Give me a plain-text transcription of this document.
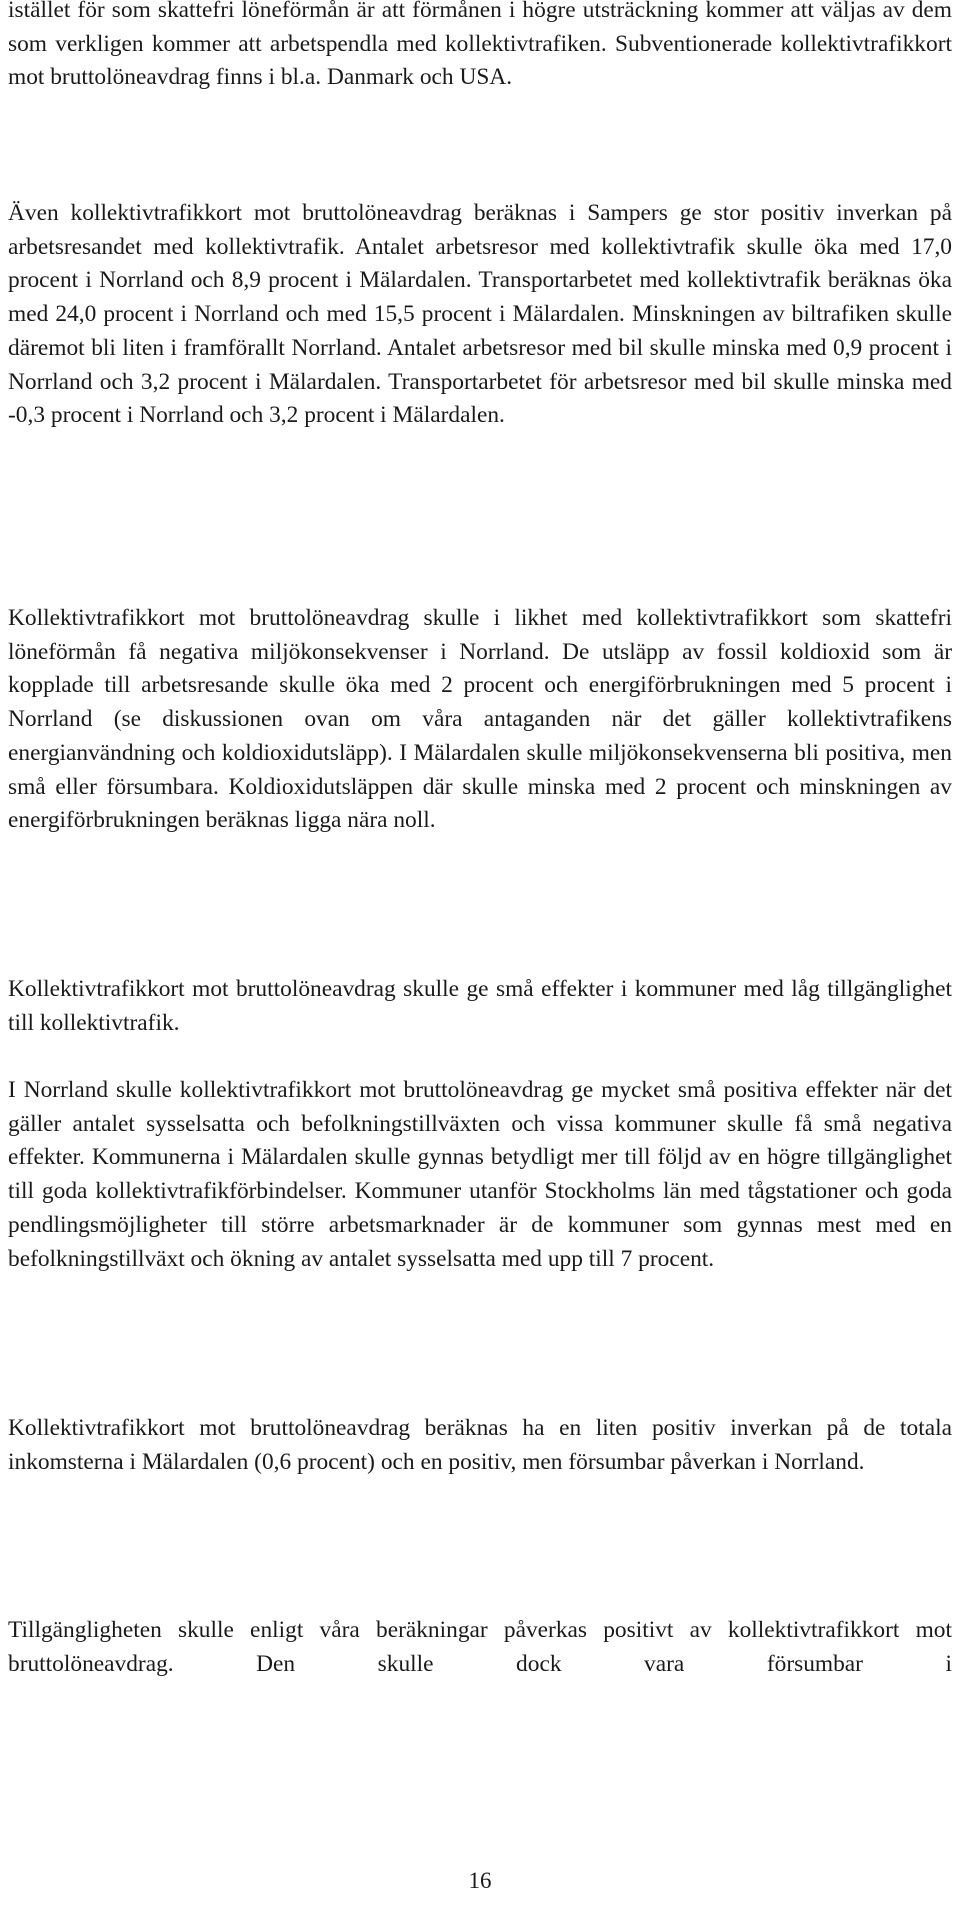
istället för som skattefri löneförmån är att förmånen i högre utsträckning kommer att väljas av dem som verkligen kommer att arbetspendla med kollektivtrafiken. Subventionerade kollektivtrafikkort mot bruttolöneavdrag finns i bl.a. Danmark och USA.

Även kollektivtrafikkort mot bruttolöneavdrag beräknas i Sampers ge stor positiv inverkan på arbetsresandet med kollektivtrafik. Antalet arbetsresor med kollektivtrafik skulle öka med 17,0 procent i Norrland och 8,9 procent i Mälardalen. Transportarbetet med kollektivtrafik beräknas öka med 24,0 procent i Norrland och med 15,5 procent i Mälardalen. Minskningen av biltrafiken skulle däremot bli liten i framförallt Norrland. Antalet arbetsresor med bil skulle minska med 0,9 procent i Norrland och 3,2 procent i Mälardalen. Transportarbetet för arbetsresor med bil skulle minska med -0,3 procent i Norrland och 3,2 procent i Mälardalen.

Kollektivtrafikkort mot bruttolöneavdrag skulle i likhet med kollektivtrafikkort som skattefri löneförmån få negativa miljökonsekvenser i Norrland. De utsläpp av fossil koldioxid som är kopplade till arbetsresande skulle öka med 2 procent och energiförbrukningen med 5 procent i Norrland (se diskussionen ovan om våra antaganden när det gäller kollektivtrafikens energianvändning och koldioxidutsläpp). I Mälardalen skulle miljökonsekvenserna bli positiva, men små eller försumbara. Koldioxidutsläppen där skulle minska med 2 procent och minskningen av energiförbrukningen beräknas ligga nära noll.

Kollektivtrafikkort mot bruttolöneavdrag skulle ge små effekter i kommuner med låg tillgänglighet till kollektivtrafik.

I Norrland skulle kollektivtrafikkort mot bruttolöneavdrag ge mycket små positiva effekter när det gäller antalet sysselsatta och befolkningstillväxten och vissa kommuner skulle få små negativa effekter. Kommunerna i Mälardalen skulle gynnas betydligt mer till följd av en högre tillgänglighet till goda kollektivtrafikförbindelser. Kommuner utanför Stockholms län med tågstationer och goda pendlingsmöjligheter till större arbetsmarknader är de kommuner som gynnas mest med en befolkningstillväxt och ökning av antalet sysselsatta med upp till 7 procent.

Kollektivtrafikkort mot bruttolöneavdrag beräknas ha en liten positiv inverkan på de totala inkomsterna i Mälardalen (0,6 procent) och en positiv, men försumbar påverkan i Norrland.

Tillgängligheten skulle enligt våra beräkningar påverkas positivt av kollektivtrafikkort mot bruttolöneavdrag. Den skulle dock vara försumbar i

16
